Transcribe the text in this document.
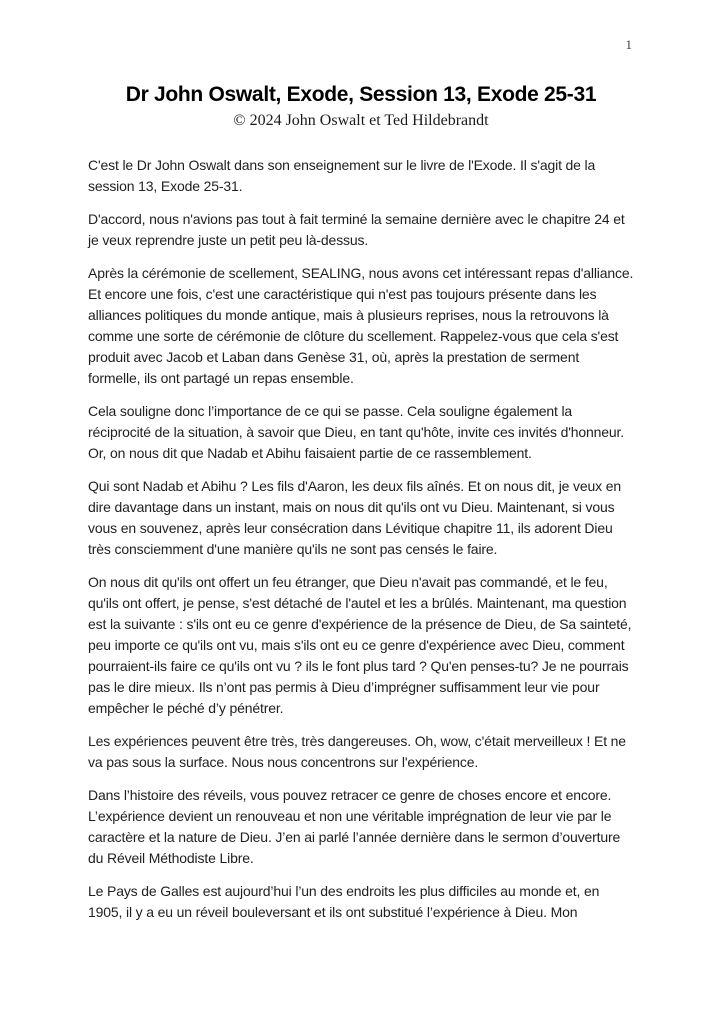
1
Dr John Oswalt, Exode, Session 13, Exode 25-31
© 2024 John Oswalt et Ted Hildebrandt

C'est le Dr John Oswalt dans son enseignement sur le livre de l'Exode. Il s'agit de la session 13, Exode 25-31.

D'accord, nous n'avions pas tout à fait terminé la semaine dernière avec le chapitre 24 et je veux reprendre juste un petit peu là-dessus.

Après la cérémonie de scellement, SEALING, nous avons cet intéressant repas d'alliance. Et encore une fois, c'est une caractéristique qui n'est pas toujours présente dans les alliances politiques du monde antique, mais à plusieurs reprises, nous la retrouvons là comme une sorte de cérémonie de clôture du scellement. Rappelez-vous que cela s'est produit avec Jacob et Laban dans Genèse 31, où, après la prestation de serment formelle, ils ont partagé un repas ensemble.

Cela souligne donc l’importance de ce qui se passe. Cela souligne également la réciprocité de la situation, à savoir que Dieu, en tant qu'hôte, invite ces invités d'honneur. Or, on nous dit que Nadab et Abihu faisaient partie de ce rassemblement.

Qui sont Nadab et Abihu ? Les fils d'Aaron, les deux fils aînés. Et on nous dit, je veux en dire davantage dans un instant, mais on nous dit qu'ils ont vu Dieu. Maintenant, si vous vous en souvenez, après leur consécration dans Lévitique chapitre 11, ils adorent Dieu très consciemment d'une manière qu'ils ne sont pas censés le faire.

On nous dit qu'ils ont offert un feu étranger, que Dieu n'avait pas commandé, et le feu, qu'ils ont offert, je pense, s'est détaché de l'autel et les a brûlés. Maintenant, ma question est la suivante : s'ils ont eu ce genre d'expérience de la présence de Dieu, de Sa sainteté, peu importe ce qu'ils ont vu, mais s'ils ont eu ce genre d'expérience avec Dieu, comment pourraient-ils faire ce qu'ils ont vu ? ils le font plus tard ? Qu'en penses-tu? Je ne pourrais pas le dire mieux. Ils n’ont pas permis à Dieu d’imprégner suffisamment leur vie pour empêcher le péché d’y pénétrer.

Les expériences peuvent être très, très dangereuses. Oh, wow, c'était merveilleux ! Et ne va pas sous la surface. Nous nous concentrons sur l'expérience.

Dans l’histoire des réveils, vous pouvez retracer ce genre de choses encore et encore. L’expérience devient un renouveau et non une véritable imprégnation de leur vie par le caractère et la nature de Dieu. J’en ai parlé l’année dernière dans le sermon d’ouverture du Réveil Méthodiste Libre.

Le Pays de Galles est aujourd’hui l’un des endroits les plus difficiles au monde et, en 1905, il y a eu un réveil bouleversant et ils ont substitué l’expérience à Dieu. Mon
